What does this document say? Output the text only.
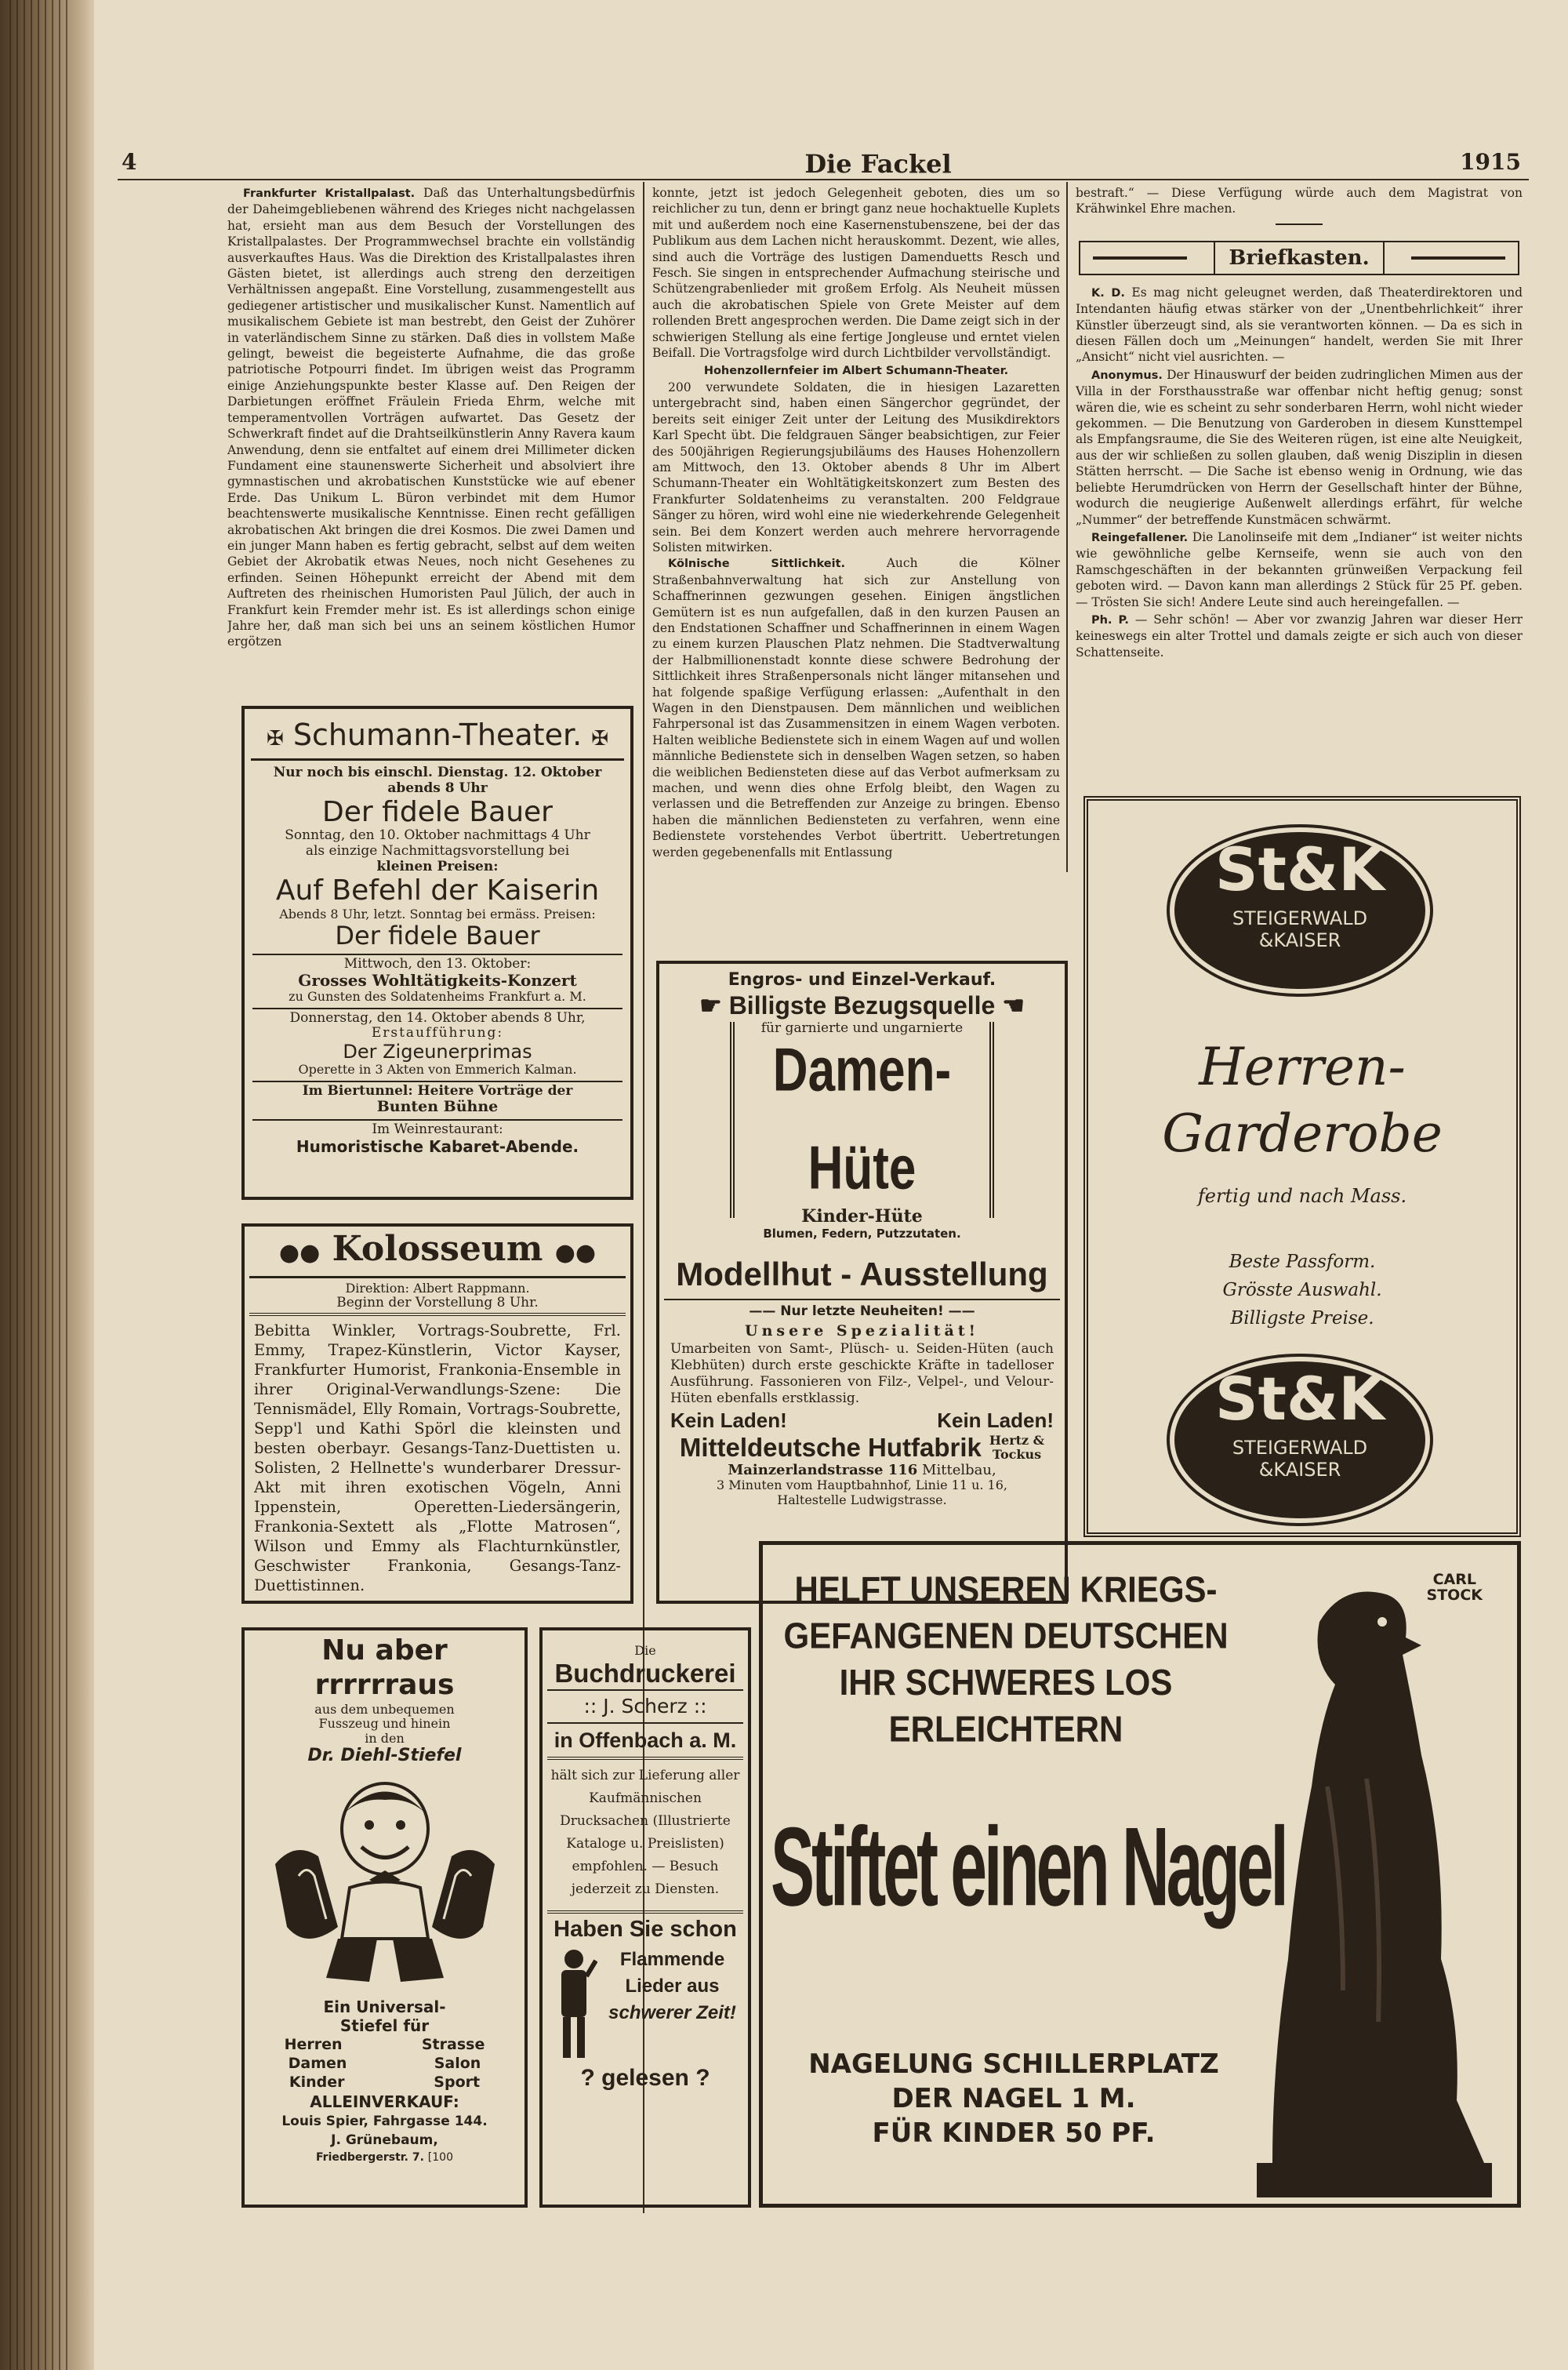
4	Die Fackel	1915

Frankfurter Kristallpalast. Daß das Unterhaltungsbedürfnis der Daheimgebliebenen während des Krieges nicht nachgelassen hat, ersieht man aus dem Besuch der Vorstellungen des Kristallpalastes. Der Programmwechsel brachte ein vollständig ausverkauftes Haus. Was die Direktion des Kristallpalastes ihren Gästen bietet, ist allerdings auch streng den derzeitigen Verhältnissen angepaßt. Eine Vorstellung, zusammengestellt aus gediegener artistischer und musikalischer Kunst. Namentlich auf musikalischem Gebiete ist man bestrebt, den Geist der Zuhörer in vaterländischem Sinne zu stärken. Daß dies in vollstem Maße gelingt, beweist die begeisterte Aufnahme, die das große patriotische Potpourri findet. Im übrigen weist das Programm einige Anziehungspunkte bester Klasse auf. Den Reigen der Darbietungen eröffnet Fräulein Frieda Ehrm, welche mit temperamentvollen Vorträgen aufwartet. Das Gesetz der Schwerkraft findet auf die Drahtseilkünstlerin Anny Ravera kaum Anwendung, denn sie entfaltet auf einem drei Millimeter dicken Fundament eine staunenswerte Sicherheit und absolviert ihre gymnastischen und akrobatischen Kunststücke wie auf ebener Erde. Das Unikum L. Büron verbindet mit dem Humor beachtenswerte musikalische Kenntnisse. Einen recht gefälligen akrobatischen Akt bringen die drei Kosmos. Die zwei Damen und ein junger Mann haben es fertig gebracht, selbst auf dem weiten Gebiet der Akrobatik etwas Neues, noch nicht Gesehenes zu erfinden. Seinen Höhepunkt erreicht der Abend mit dem Auftreten des rheinischen Humoristen Paul Jülich, der auch in Frankfurt kein Fremder mehr ist. Es ist allerdings schon einige Jahre her, daß man sich bei uns an seinem köstlichen Humor ergötzen

konnte, jetzt ist jedoch Gelegenheit geboten, dies um so reichlicher zu tun, denn er bringt ganz neue hochaktuelle Kuplets mit und außerdem noch eine Kasernenstubenszene, bei der das Publikum aus dem Lachen nicht herauskommt. Dezent, wie alles, sind auch die Vorträge des lustigen Damenduetts Resch und Fesch. Sie singen in entsprechender Aufmachung steirische und Schützengrabenlieder mit großem Erfolg. Als Neuheit müssen auch die akrobatischen Spiele von Grete Meister auf dem rollenden Brett angesprochen werden. Die Dame zeigt sich in der schwierigen Stellung als eine fertige Jongleuse und erntet vielen Beifall. Die Vortragsfolge wird durch Lichtbilder vervollständigt.

Hohenzollernfeier im Albert Schumann-Theater.

200 verwundete Soldaten, die in hiesigen Lazaretten untergebracht sind, haben einen Sängerchor gegründet, der bereits seit einiger Zeit unter der Leitung des Musikdirektors Karl Specht übt. Die feldgrauen Sänger beabsichtigen, zur Feier des 500jährigen Regierungsjubiläums des Hauses Hohenzollern am Mittwoch, den 13. Oktober abends 8 Uhr im Albert Schumann-Theater ein Wohltätigkeitskonzert zum Besten des Frankfurter Soldatenheims zu veranstalten. 200 Feldgraue Sänger zu hören, wird wohl eine nie wiederkehrende Gelegenheit sein. Bei dem Konzert werden auch mehrere hervorragende Solisten mitwirken.

Kölnische Sittlichkeit.	Auch die Kölner Straßenbahnverwaltung hat sich zur Anstellung von Schaffnerinnen gezwungen gesehen. Einigen ängstlichen Gemütern ist es nun aufgefallen, daß in den kurzen Pausen an den Endstationen Schaffner und Schaffnerinnen in einem Wagen zu einem kurzen Plauschen Platz nehmen. Die Stadtverwaltung der Halbmillionenstadt konnte diese schwere Bedrohung der Sittlichkeit ihres Straßenpersonals nicht länger mitansehen und hat folgende spaßige Verfügung erlassen: „Aufenthalt in den Wagen in den Dienstpausen. Dem männlichen und weiblichen Fahrpersonal ist das Zusammensitzen in einem Wagen verboten. Halten weibliche Bedienstete sich in einem Wagen auf und wollen männliche Bedienstete sich in denselben Wagen setzen, so haben die weiblichen Bediensteten diese auf das Verbot aufmerksam zu machen, und wenn dies ohne Erfolg bleibt, den Wagen zu verlassen und die Betreffenden zur Anzeige zu bringen. Ebenso haben die männlichen Bediensteten zu verfahren, wenn eine Bedienstete vorstehendes Verbot übertritt. Uebertretungen werden gegebenenfalls mit Entlassung

bestraft.“ — Diese Verfügung würde auch dem Magistrat von Krähwinkel Ehre machen.

Briefkasten.

K. D. Es mag nicht geleugnet werden, daß Theaterdirektoren und Intendanten häufig etwas stärker von der „Unentbehrlichkeit“ ihrer Künstler überzeugt sind, als sie verantworten können. — Da es sich in diesen Fällen doch um „Meinungen“ handelt, werden Sie mit Ihrer „Ansicht“ nicht viel ausrichten. —

Anonymus. Der Hinauswurf der beiden zudringlichen Mimen aus der Villa in der Forsthausstraße war offenbar nicht heftig genug; sonst wären die, wie es scheint zu sehr sonderbaren Herrn, wohl nicht wieder gekommen. — Die Benutzung von Garderoben in diesem Kunsttempel als Empfangsraume, die Sie des Weiteren rügen, ist eine alte Neuigkeit, aus der wir schließen zu sollen glauben, daß wenig Disziplin in diesen Stätten herrscht. — Die Sache ist ebenso wenig in Ordnung, wie das beliebte Herumdrücken von Herrn der Gesellschaft hinter der Bühne, wodurch die neugierige Außenwelt allerdings erfährt, für welche „Nummer“ der betreffende Kunstmäcen schwärmt.

Reingefallener. Die Lanolinseife mit dem „Indianer“ ist weiter nichts wie gewöhnliche gelbe Kernseife, wenn sie auch von den Ramschgeschäften in der bekannten grünweißen Verpackung feil geboten wird. — Davon kann man allerdings 2 Stück für 25 Pf. geben. — Trösten Sie sich! Andere Leute sind auch hereingefallen. —

Ph. P. — Sehr schön! — Aber vor zwanzig Jahren war dieser Herr keineswegs ein alter Trottel und damals zeigte er sich auch von dieser Schattenseite.

✠ Schumann-Theater. ✠
Nur noch bis einschl. Dienstag. 12. Oktober
abends 8 Uhr
Der fidele Bauer
Sonntag, den 10. Oktober nachmittags 4 Uhr
als einzige Nachmittagsvorstellung bei
kleinen Preisen:
Auf Befehl der Kaiserin
Abends 8 Uhr, letzt. Sonntag bei ermäss. Preisen:
Der fidele Bauer
Mittwoch, den 13. Oktober:
Grosses Wohltätigkeits-Konzert
zu Gunsten des Soldatenheims Frankfurt a. M.
Donnerstag, den 14. Oktober abends 8 Uhr,
Erstaufführung:
Der Zigeunerprimas
Operette in 3 Akten von Emmerich Kalman.
Im Biertunnel: Heitere Vorträge der
Bunten Bühne
Im Weinrestaurant:
Humoristische Kabaret-Abende.
●● Kolosseum ●●
Direktion: Albert Rappmann.
Beginn der Vorstellung 8 Uhr.
Bebitta Winkler, Vortrags-Soubrette, Frl. Emmy, Trapez-Künstlerin, Victor Kayser, Frankfurter Humorist, Frankonia-Ensemble in ihrer Original-Verwandlungs-Szene: Die Tennismädel, Elly Romain, Vortrags-Soubrette, Sepp'l und Kathi Spörl die kleinsten und besten oberbayr. Gesangs-Tanz-Duettisten u. Solisten, 2 Hellnette's wunderbarer Dressur-Akt mit ihren exotischen Vögeln, Anni Ippenstein, Operetten-Liedersängerin, Frankonia-Sextett als „Flotte Matrosen“, Wilson und Emmy als Flachturnkünstler, Geschwister Frankonia, Gesangs-Tanz-Duettistinnen.
Nu aber
rrrrrraus
aus dem unbequemen
Fusszeug und hinein
in den
Dr. Diehl-Stiefel
Ein Universal-
Stiefel für
Herren	Strasse
Damen	Salon
Kinder	Sport
ALLEINVERKAUF:
Louis Spier, Fahrgasse 144.
J. Grünebaum,
Friedbergerstr. 7. [100
Die
Buchdruckerei
:: J. Scherz ::
in Offenbach a. M.
hält sich zur Lieferung aller Kaufmännischen Drucksachen (Illustrierte Kataloge u. Preislisten) empfohlen. — Besuch jederzeit zu Diensten.
Haben Sie schon
Flammende
Lieder aus
schwerer Zeit!
? gelesen ?
Engros- und Einzel-Verkauf.
☛ Billigste Bezugsquelle ☚
für garnierte und ungarnierte
Damen-Hüte
Kinder-Hüte
Blumen, Federn, Putzzutaten.
Modellhut - Ausstellung
—— Nur letzte Neuheiten! ——
Unsere Spezialität!
Umarbeiten von Samt-, Plüsch- u. Seiden-Hüten (auch Klebhüten) durch erste geschickte Kräfte in tadelloser Ausführung. Fassonieren von Filz-, Velpel-, und Velour-Hüten ebenfalls erstklassig.
Kein Laden!	Kein Laden!
Mitteldeutsche Hutfabrik Hertz &
Tockus
Mainzerlandstrasse 116 Mittelbau,
3 Minuten vom Hauptbahnhof, Linie 11 u. 16,
Haltestelle Ludwigstrasse.
St&K
STEIGERWALD
&KAISER
Herren-
Garderobe
fertig und nach Mass.
Beste Passform.
Grösste Auswahl.
Billigste Preise.
St&K
STEIGERWALD
&KAISER
CARL
STOCK
HELFT UNSEREN KRIEGS-
GEFANGENEN DEUTSCHEN
IHR SCHWERES LOS
ERLEICHTERN
Stiftet einen Nagel
NAGELUNG SCHILLERPLATZ
DER NAGEL 1 M.
FÜR KINDER 50 PF.
